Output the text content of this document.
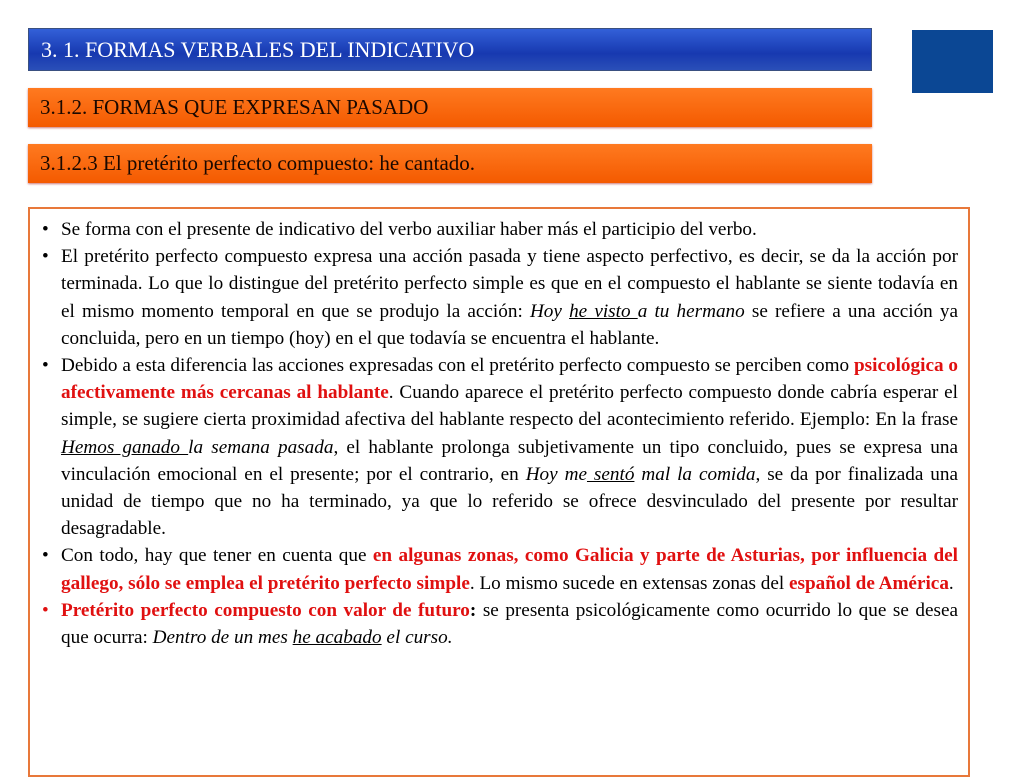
3. 1. FORMAS VERBALES DEL INDICATIVO
3.1.2. FORMAS QUE EXPRESAN PASADO
3.1.2.3 El pretérito perfecto compuesto: he cantado.
• Se forma con el presente de indicativo del verbo auxiliar haber más el participio del verbo.
• El pretérito perfecto compuesto expresa una acción pasada y tiene aspecto perfectivo, es decir, se da la acción por terminada. Lo que lo distingue del pretérito perfecto simple es que en el compuesto el hablante se siente todavía en el mismo momento temporal en que se produjo la acción: Hoy he visto a tu hermano se refiere a una acción ya concluida, pero en un tiempo (hoy) en el que todavía se encuentra el hablante.
• Debido a esta diferencia las acciones expresadas con el pretérito perfecto compuesto se perciben como psicológica o afectivamente más cercanas al hablante. Cuando aparece el pretérito perfecto compuesto donde cabría esperar el simple, se sugiere cierta proximidad afectiva del hablante respecto del acontecimiento referido. Ejemplo: En la frase Hemos ganado la semana pasada, el hablante prolonga subjetivamente un tipo concluido, pues se expresa una vinculación emocional en el presente; por el contrario, en Hoy me sentó mal la comida, se da por finalizada una unidad de tiempo que no ha terminado, ya que lo referido se ofrece desvinculado del presente por resultar desagradable.
• Con todo, hay que tener en cuenta que en algunas zonas, como Galicia y parte de Asturias, por influencia del gallego, sólo se emplea el pretérito perfecto simple. Lo mismo sucede en extensas zonas del español de América.
• Pretérito perfecto compuesto con valor de futuro: se presenta psicológicamente como ocurrido lo que se desea que ocurra: Dentro de un mes he acabado el curso.
